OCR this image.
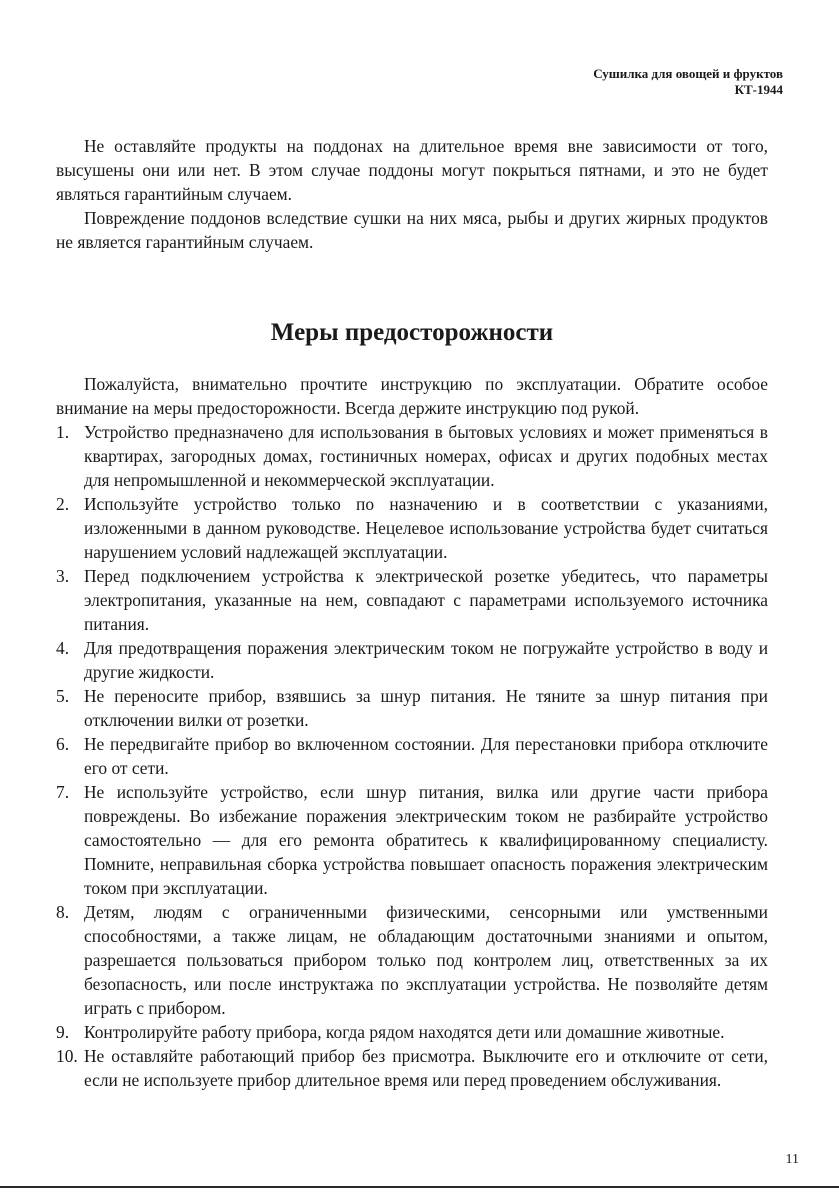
Сушилка для овощей и фруктов
КТ-1944

Не оставляйте продукты на поддонах на длительное время вне зависимости от того, высушены они или нет. В этом случае поддоны могут покрыться пятнами, и это не будет являться гарантийным случаем.

Повреждение поддонов вследствие сушки на них мяса, рыбы и других жирных продуктов не является гарантийным случаем.

Меры предосторожности

Пожалуйста, внимательно прочтите инструкцию по эксплуатации. Обратите особое внимание на меры предосторожности. Всегда держите инструкцию под рукой.

1. Устройство предназначено для использования в бытовых условиях и может применяться в квартирах, загородных домах, гостиничных номерах, офисах и других подобных местах для непромышленной и некоммерческой эксплуатации.
2. Используйте устройство только по назначению и в соответствии с указаниями, изложенными в данном руководстве. Нецелевое использование устройства будет считаться нарушением условий надлежащей эксплуатации.
3. Перед подключением устройства к электрической розетке убедитесь, что параметры электропитания, указанные на нем, совпадают с параметрами используемого источника питания.
4. Для предотвращения поражения электрическим током не погружайте устройство в воду и другие жидкости.
5. Не переносите прибор, взявшись за шнур питания. Не тяните за шнур питания при отключении вилки от розетки.
6. Не передвигайте прибор во включенном состоянии. Для перестановки прибора отключите его от сети.
7. Не используйте устройство, если шнур питания, вилка или другие части прибора повреждены. Во избежание поражения электрическим током не разбирайте устройство самостоятельно — для его ремонта обратитесь к квалифицированному специалисту. Помните, неправильная сборка устройства повышает опасность поражения электрическим током при эксплуатации.
8. Детям, людям с ограниченными физическими, сенсорными или умственными способностями, а также лицам, не обладающим достаточными знаниями и опытом, разрешается пользоваться прибором только под контролем лиц, ответственных за их безопасность, или после инструктажа по эксплуатации устройства. Не позволяйте детям играть с прибором.
9. Контролируйте работу прибора, когда рядом находятся дети или домашние животные.
10. Не оставляйте работающий прибор без присмотра. Выключите его и отключите от сети, если не используете прибор длительное время или перед проведением обслуживания.
11
